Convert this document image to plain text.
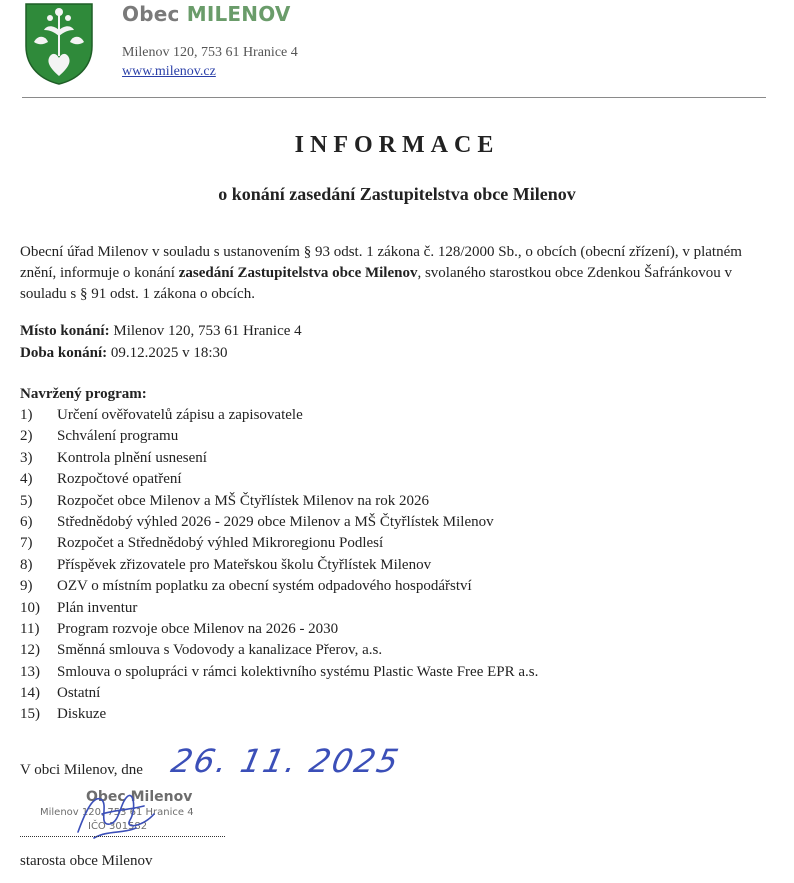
Obec MILENOV
Milenov 120, 753 61 Hranice 4
www.milenov.cz
INFORMACE
o konání zasedání Zastupitelstva obce Milenov
Obecní úřad Milenov v souladu s ustanovením § 93 odst. 1 zákona č. 128/2000 Sb., o obcích (obecní zřízení), v platném znění, informuje o konání zasedání Zastupitelstva obce Milenov, svolaného starostkou obce Zdenkou Šafránkovou v souladu s § 91 odst. 1 zákona o obcích.
Místo konání: Milenov 120, 753 61 Hranice 4
Doba konání: 09.12.2025 v 18:30
Navržený program:
1) Určení ověřovatelů zápisu a zapisovatele
2) Schválení programu
3) Kontrola plnění usnesení
4) Rozpočtové opatření
5) Rozpočet obce Milenov a MŠ Čtyřlístek Milenov na rok 2026
6) Střednědobý výhled 2026 - 2029 obce Milenov a MŠ Čtyřlístek Milenov
7) Rozpočet a Střednědobý výhled Mikroregionu Podlesí
8) Příspěvek zřizovatele pro Mateřskou školu Čtyřlístek Milenov
9) OZV o místním poplatku za obecní systém odpadového hospodářství
10) Plán inventur
11) Program rozvoje obce Milenov na 2026 - 2030
12) Směnná smlouva s Vodovody a kanalizace Přerov, a.s.
13) Smlouva o spolupráci v rámci kolektivního systému Plastic Waste Free EPR a.s.
14) Ostatní
15) Diskuze
V obci Milenov, dne 26. 11. 2025
Obec Milenov
Milenov 120, 753 61 Hranice 4
IČO 301582
starosta obce Milenov
